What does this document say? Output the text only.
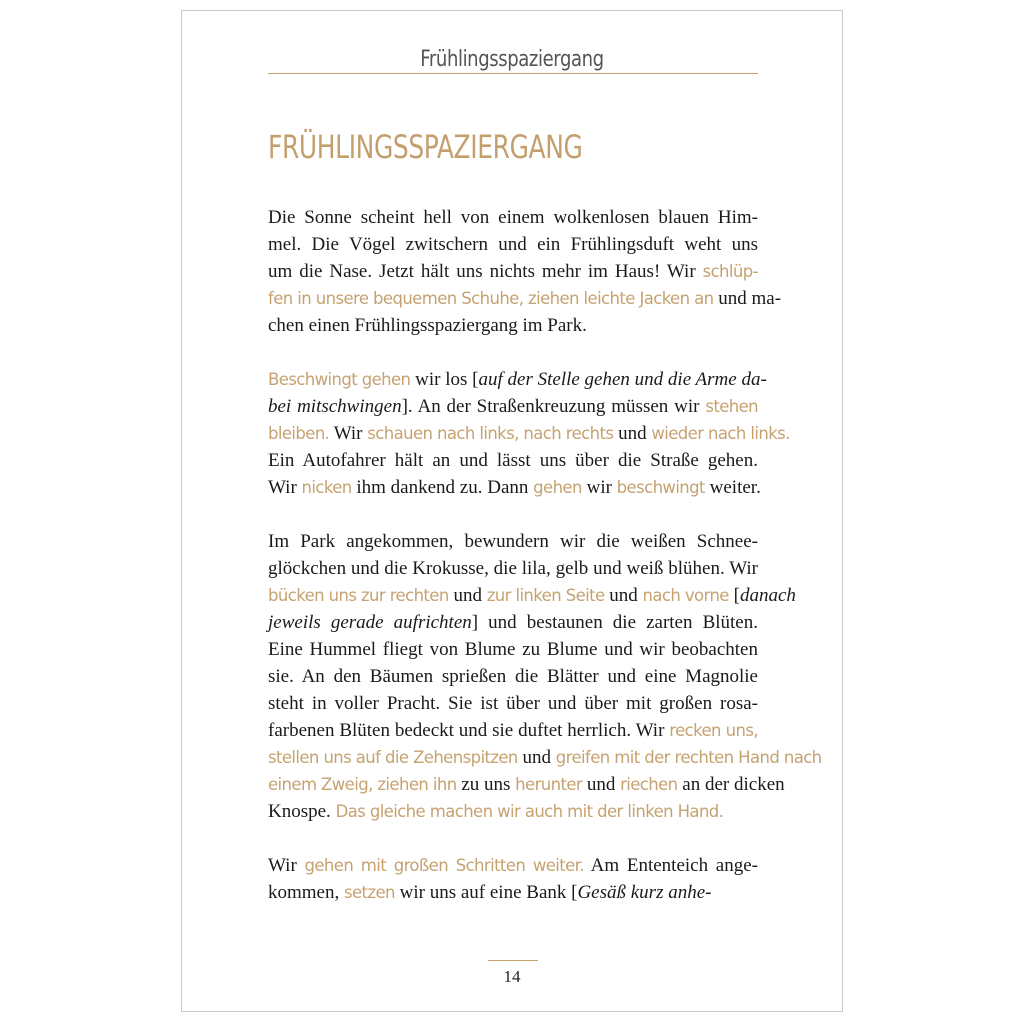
Frühlingsspaziergang
FRÜHLINGSSPAZIERGANG
Die Sonne scheint hell von einem wolkenlosen blauen Him-
mel. Die Vögel zwitschern und ein Frühlingsduft weht uns
um die Nase. Jetzt hält uns nichts mehr im Haus! Wir schlüp-
fen in unsere bequemen Schuhe, ziehen leichte Jacken an und ma-
chen einen Frühlingsspaziergang im Park.
Beschwingt gehen wir los [auf der Stelle gehen und die Arme da-
bei mitschwingen]. An der Straßenkreuzung müssen wir stehen
bleiben. Wir schauen nach links, nach rechts und wieder nach links.
Ein Autofahrer hält an und lässt uns über die Straße gehen.
Wir nicken ihm dankend zu. Dann gehen wir beschwingt weiter.
Im Park angekommen, bewundern wir die weißen Schnee-
glöckchen und die Krokusse, die lila, gelb und weiß blühen. Wir
bücken uns zur rechten und zur linken Seite und nach vorne [danach
jeweils gerade aufrichten] und bestaunen die zarten Blüten.
Eine Hummel fliegt von Blume zu Blume und wir beobachten
sie. An den Bäumen sprießen die Blätter und eine Magnolie
steht in voller Pracht. Sie ist über und über mit großen rosa-
farbenen Blüten bedeckt und sie duftet herrlich. Wir recken uns,
stellen uns auf die Zehenspitzen und greifen mit der rechten Hand nach
einem Zweig, ziehen ihn zu uns herunter und riechen an der dicken
Knospe. Das gleiche machen wir auch mit der linken Hand.
Wir gehen mit großen Schritten weiter. Am Ententeich ange-
kommen, setzen wir uns auf eine Bank [Gesäß kurz anhe-
14
